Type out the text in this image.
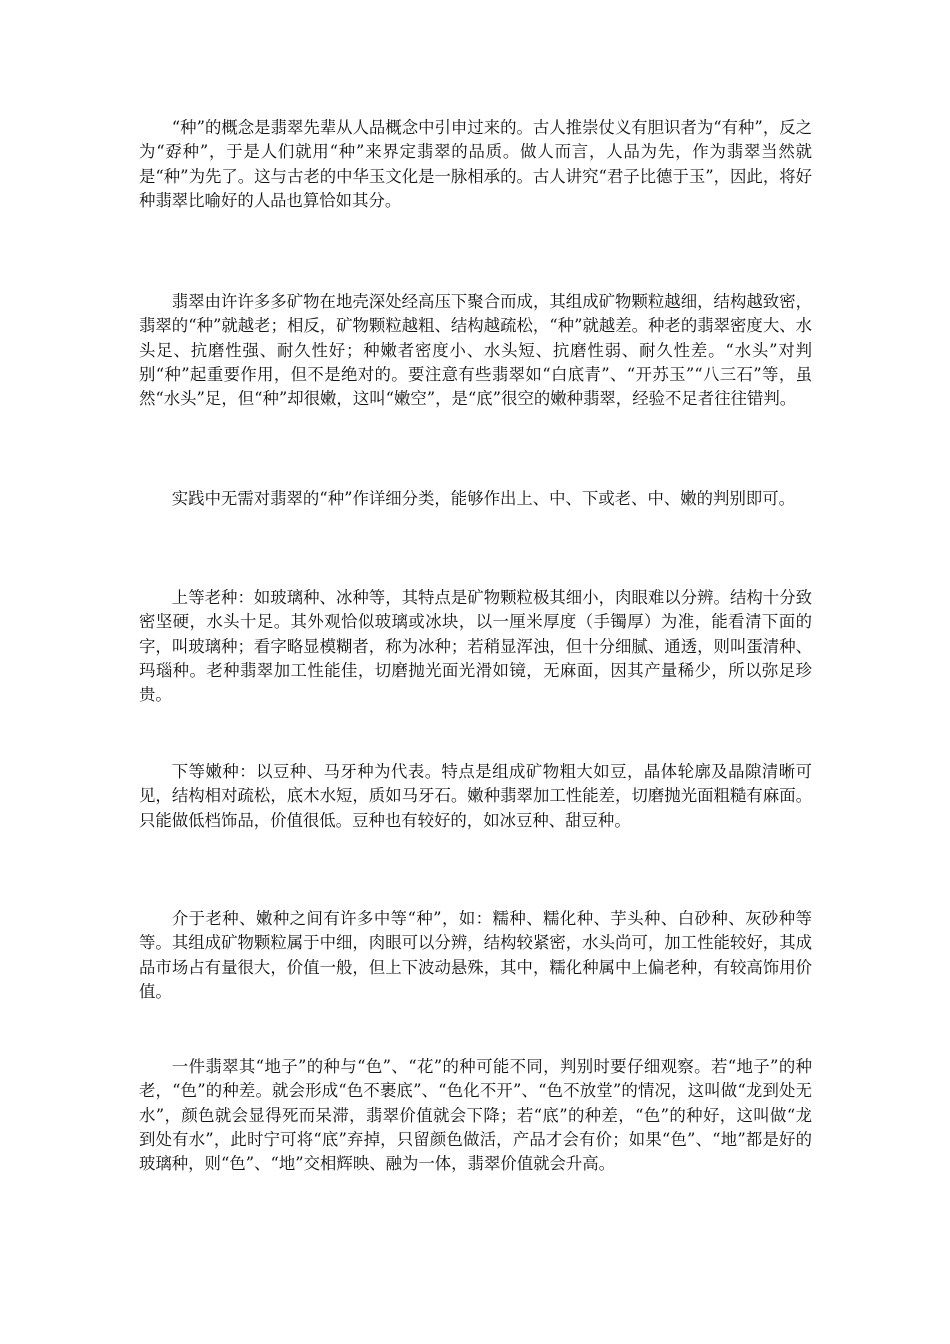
“种”的概念是翡翠先辈从人品概念中引申过来的。古人推崇仗义有胆识者为“有种”，反之为“孬种”，于是人们就用“种”来界定翡翠的品质。做人而言，人品为先，作为翡翠当然就是“种”为先了。这与古老的中华玉文化是一脉相承的。古人讲究“君子比德于玉”，因此，将好种翡翠比喻好的人品也算恰如其分。

翡翠由许许多多矿物在地壳深处经高压下聚合而成，其组成矿物颗粒越细，结构越致密，翡翠的“种”就越老；相反，矿物颗粒越粗、结构越疏松，“种”就越差。种老的翡翠密度大、水头足、抗磨性强、耐久性好；种嫩者密度小、水头短、抗磨性弱、耐久性差。“水头”对判别“种”起重要作用，但不是绝对的。要注意有些翡翠如“白底青”、“开苏玉”“八三石”等，虽然“水头”足，但“种”却很嫩，这叫“嫩空”，是“底”很空的嫩种翡翠，经验不足者往往错判。

实践中无需对翡翠的“种”作详细分类，能够作出上、中、下或老、中、嫩的判别即可。

上等老种：如玻璃种、冰种等，其特点是矿物颗粒极其细小，肉眼难以分辨。结构十分致密坚硬，水头十足。其外观恰似玻璃或冰块，以一厘米厚度（手镯厚）为准，能看清下面的字，叫玻璃种；看字略显模糊者，称为冰种；若稍显浑浊，但十分细腻、通透，则叫蛋清种、玛瑙种。老种翡翠加工性能佳，切磨抛光面光滑如镜，无麻面，因其产量稀少，所以弥足珍贵。

下等嫩种：以豆种、马牙种为代表。特点是组成矿物粗大如豆，晶体轮廓及晶隙清晰可见，结构相对疏松，底木水短，质如马牙石。嫩种翡翠加工性能差，切磨抛光面粗糙有麻面。只能做低档饰品，价值很低。豆种也有较好的，如冰豆种、甜豆种。

介于老种、嫩种之间有许多中等“种”，如：糯种、糯化种、芋头种、白砂种、灰砂种等等。其组成矿物颗粒属于中细，肉眼可以分辨，结构较紧密，水头尚可，加工性能较好，其成品市场占有量很大，价值一般，但上下波动悬殊，其中，糯化种属中上偏老种，有较高饰用价值。

一件翡翠其“地子”的种与“色”、“花”的种可能不同，判别时要仔细观察。若“地子”的种老，“色”的种差。就会形成“色不裹底”、“色化不开”、“色不放堂”的情况，这叫做“龙到处无水”，颜色就会显得死而呆滞，翡翠价值就会下降；若“底”的种差，“色”的种好，这叫做“龙到处有水”，此时宁可将“底”弃掉，只留颜色做活，产品才会有价；如果“色”、“地”都是好的玻璃种，则“色”、“地”交相辉映、融为一体，翡翠价值就会升高。
